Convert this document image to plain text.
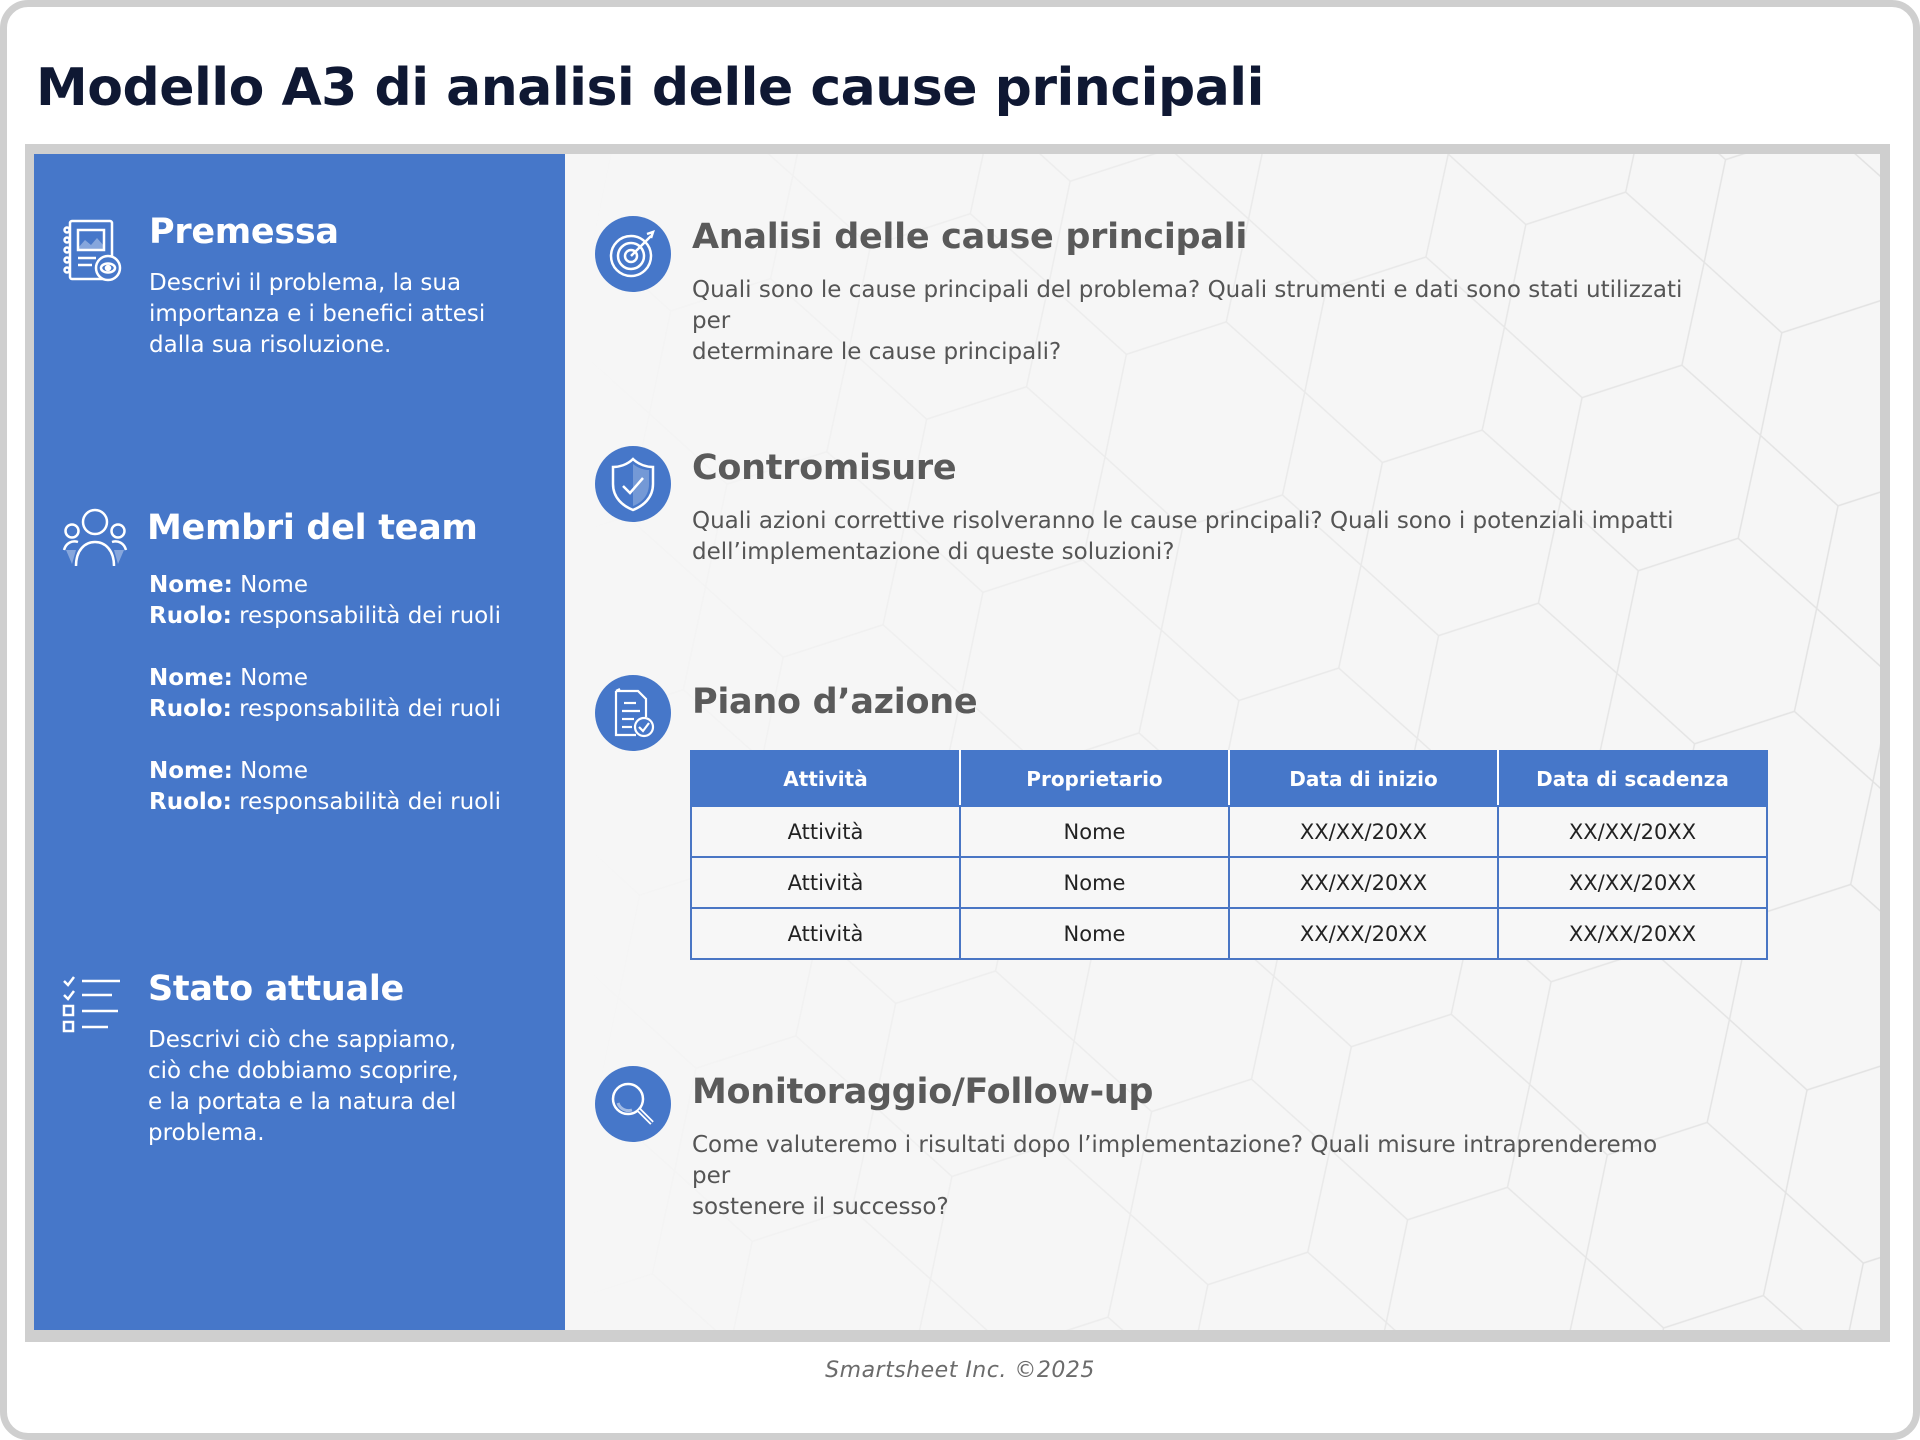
Modello A3 di analisi delle cause principali
Premessa
Descrivi il problema, la sua
importanza e i benefici attesi
dalla sua risoluzione.
Membri del team
Nome: Nome
Ruolo: responsabilità dei ruoli
Nome: Nome
Ruolo: responsabilità dei ruoli
Nome: Nome
Ruolo: responsabilità dei ruoli
Stato attuale
Descrivi ciò che sappiamo,
ciò che dobbiamo scoprire,
e la portata e la natura del
problema.
Analisi delle cause principali
Quali sono le cause principali del problema? Quali strumenti e dati sono stati utilizzati per
determinare le cause principali?
Contromisure
Quali azioni correttive risolveranno le cause principali? Quali sono i potenziali impatti
dell’implementazione di queste soluzioni?
Piano d’azione
Attività	Proprietario	Data di inizio	Data di scadenza
Attività	Nome	XX/XX/20XX	XX/XX/20XX
Attività	Nome	XX/XX/20XX	XX/XX/20XX
Attività	Nome	XX/XX/20XX	XX/XX/20XX
Monitoraggio/Follow-up
Come valuteremo i risultati dopo l’implementazione? Quali misure intraprenderemo per
sostenere il successo?
Smartsheet Inc. ©2025
